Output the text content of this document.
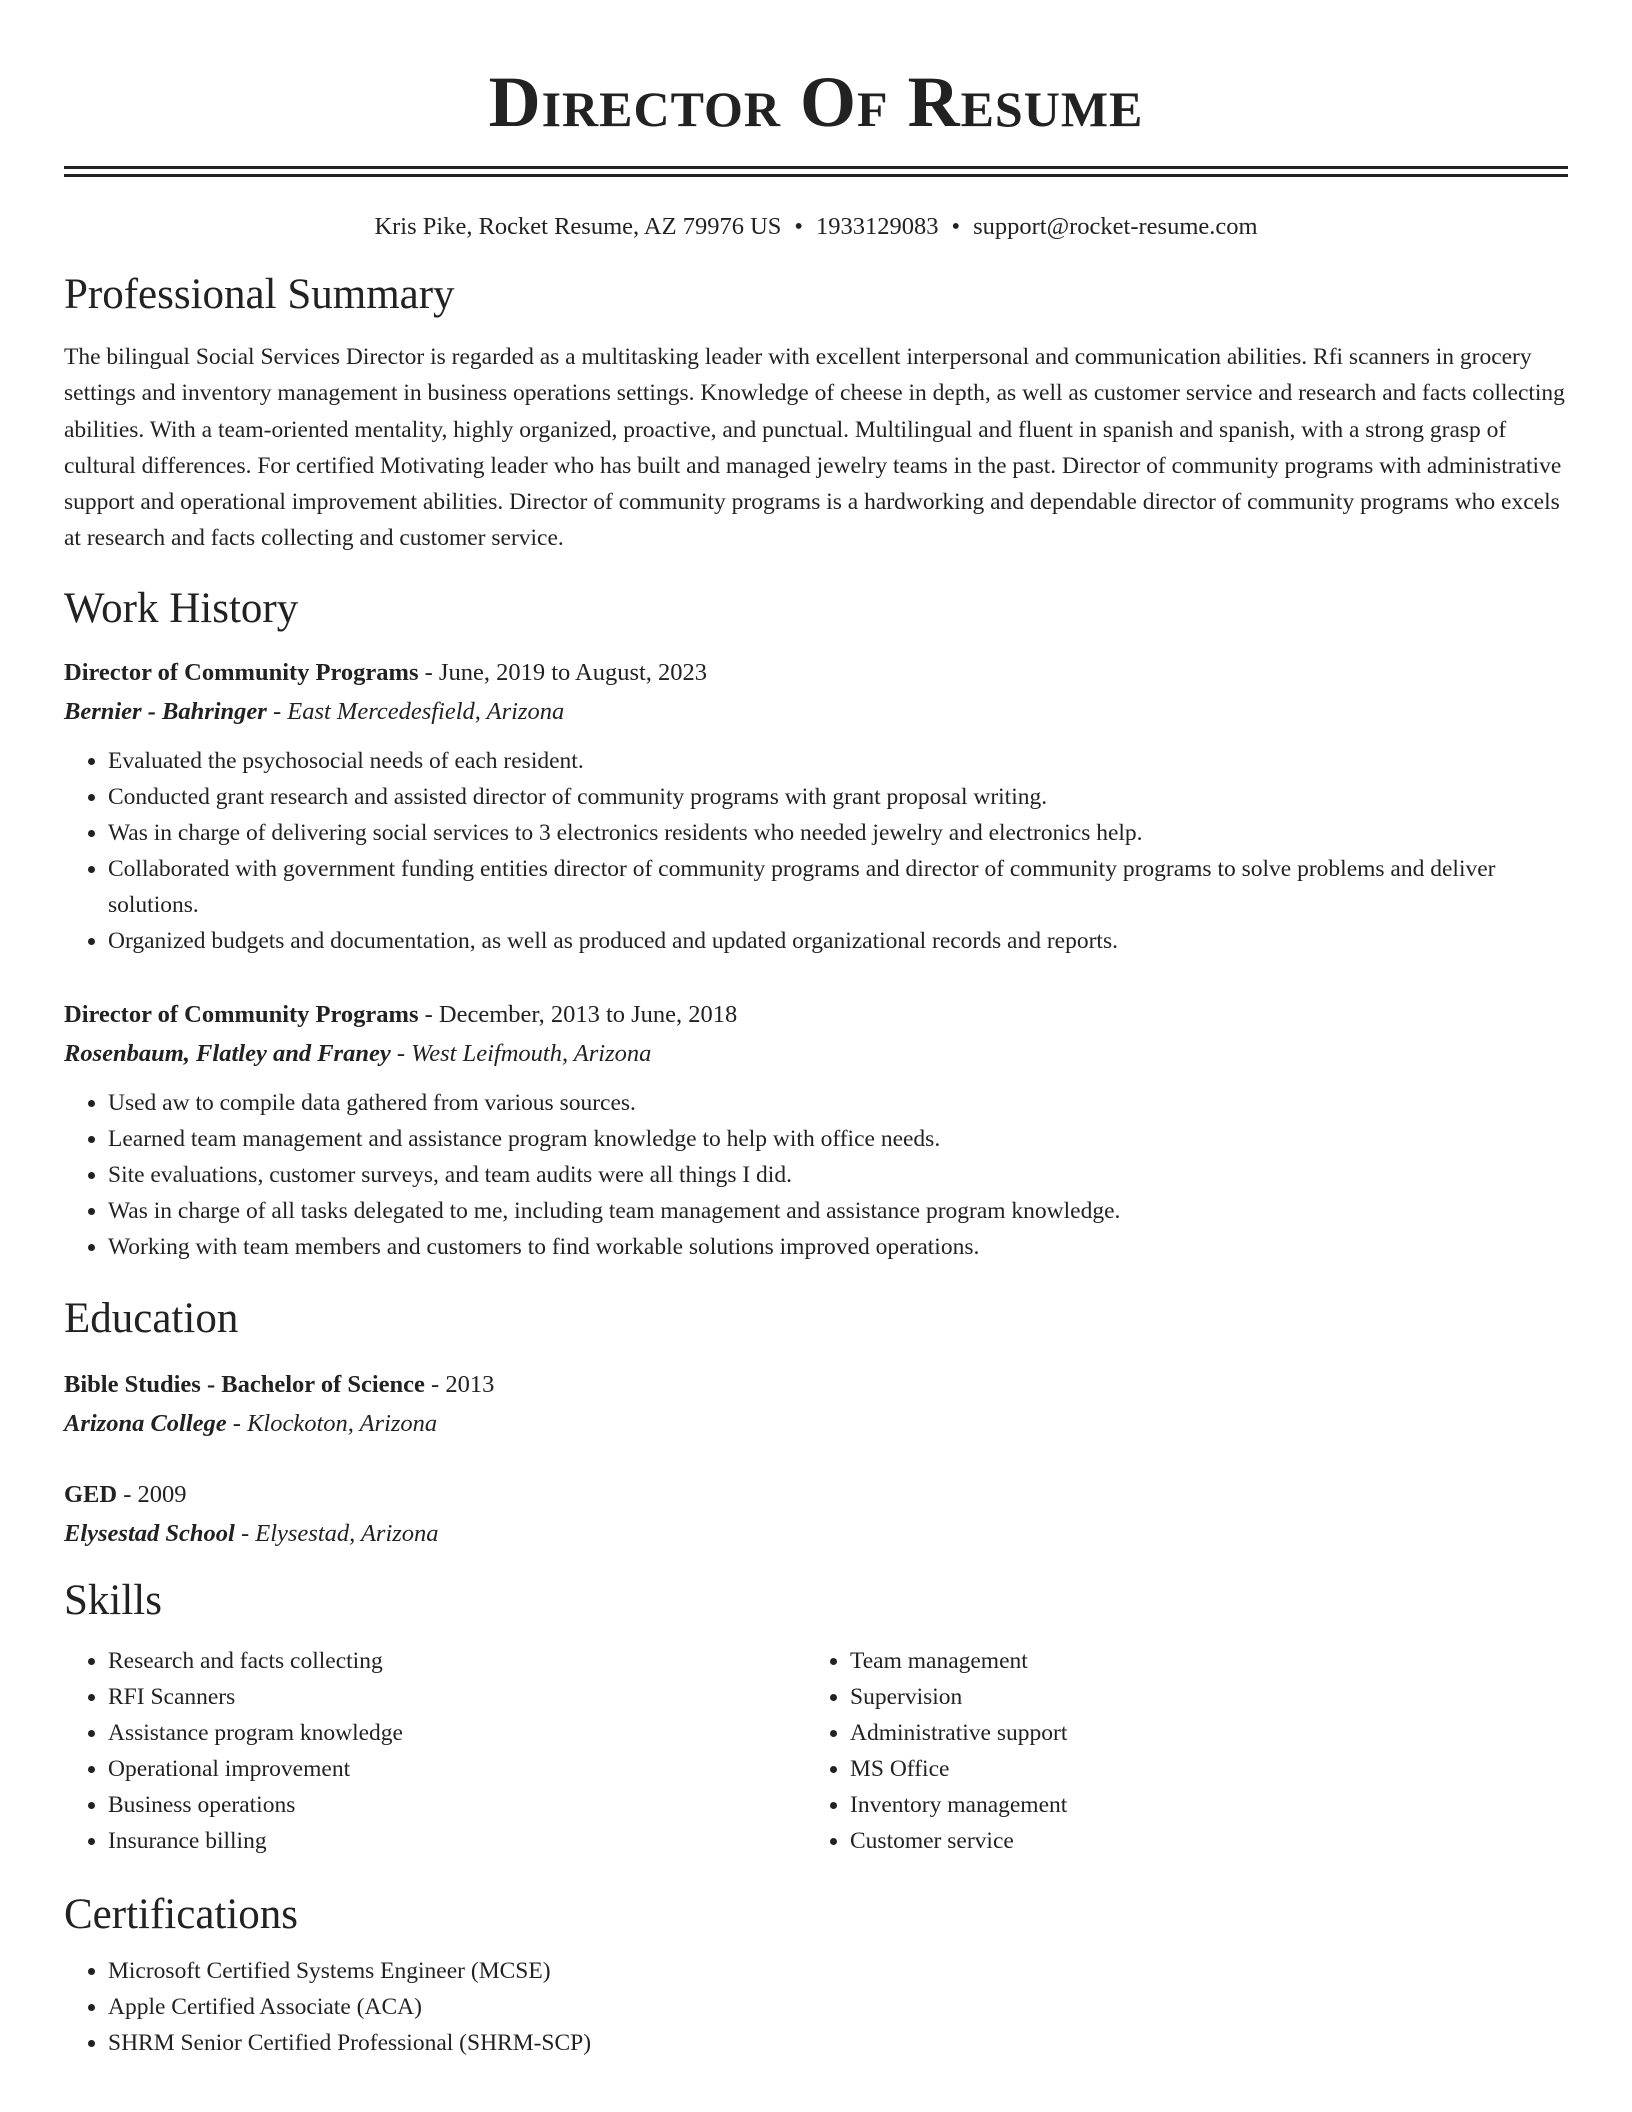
Director Of Resume
Kris Pike, Rocket Resume, AZ 79976 US • 1933129083 • support@rocket-resume.com
Professional Summary

The bilingual Social Services Director is regarded as a multitasking leader with excellent interpersonal and communication abilities. Rfi scanners in grocery settings and inventory management in business operations settings. Knowledge of cheese in depth, as well as customer service and research and facts collecting abilities. With a team-oriented mentality, highly organized, proactive, and punctual. Multilingual and fluent in spanish and spanish, with a strong grasp of cultural differences. For certified Motivating leader who has built and managed jewelry teams in the past. Director of community programs with administrative support and operational improvement abilities. Director of community programs is a hardworking and dependable director of community programs who excels at research and facts collecting and customer service.

Work History
Director of Community Programs - June, 2019 to August, 2023
Bernier - Bahringer - East Mercedesfield, Arizona
• Evaluated the psychosocial needs of each resident.
• Conducted grant research and assisted director of community programs with grant proposal writing.
• Was in charge of delivering social services to 3 electronics residents who needed jewelry and electronics help.
• Collaborated with government funding entities director of community programs and director of community programs to solve problems and deliver solutions.
• Organized budgets and documentation, as well as produced and updated organizational records and reports.
Director of Community Programs - December, 2013 to June, 2018
Rosenbaum, Flatley and Franey - West Leifmouth, Arizona
• Used aw to compile data gathered from various sources.
• Learned team management and assistance program knowledge to help with office needs.
• Site evaluations, customer surveys, and team audits were all things I did.
• Was in charge of all tasks delegated to me, including team management and assistance program knowledge.
• Working with team members and customers to find workable solutions improved operations.
Education
Bible Studies - Bachelor of Science - 2013
Arizona College - Klockoton, Arizona
GED - 2009
Elysestad School - Elysestad, Arizona
Skills
• Research and facts collecting
• RFI Scanners
• Assistance program knowledge
• Operational improvement
• Business operations
• Insurance billing
• Team management
• Supervision
• Administrative support
• MS Office
• Inventory management
• Customer service
Certifications
• Microsoft Certified Systems Engineer (MCSE)
• Apple Certified Associate (ACA)
• SHRM Senior Certified Professional (SHRM-SCP)
